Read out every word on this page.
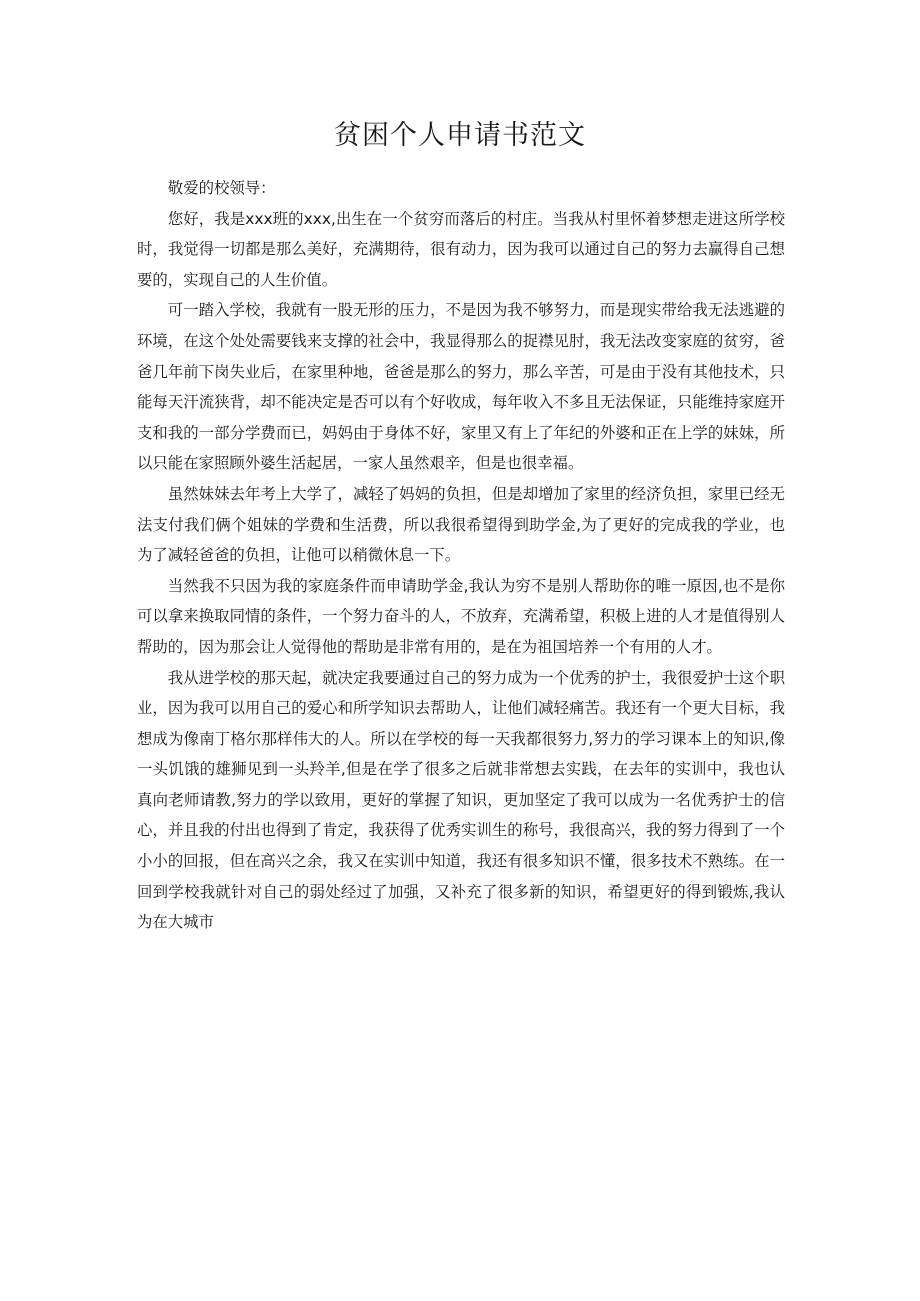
贫困个人申请书范文

敬爱的校领导：

您好，我是xxx班的xxx,出生在一个贫穷而落后的村庄。当我从村里怀着梦想走进这所学校时，我觉得一切都是那么美好，充满期待，很有动力，因为我可以通过自己的努力去赢得自己想要的，实现自己的人生价值。

可一踏入学校，我就有一股无形的压力，不是因为我不够努力，而是现实带给我无法逃避的环境，在这个处处需要钱来支撑的社会中，我显得那么的捉襟见肘，我无法改变家庭的贫穷，爸爸几年前下岗失业后，在家里种地，爸爸是那么的努力，那么辛苦，可是由于没有其他技术，只能每天汗流狭背，却不能决定是否可以有个好收成，每年收入不多且无法保证，只能维持家庭开支和我的一部分学费而已，妈妈由于身体不好，家里又有上了年纪的外婆和正在上学的妹妹，所以只能在家照顾外婆生活起居，一家人虽然艰辛，但是也很幸福。

虽然妹妹去年考上大学了，减轻了妈妈的负担，但是却增加了家里的经济负担，家里已经无法支付我们俩个姐妹的学费和生活费，所以我很希望得到助学金,为了更好的完成我的学业，也为了减轻爸爸的负担，让他可以稍微休息一下。

当然我不只因为我的家庭条件而申请助学金,我认为穷不是别人帮助你的唯一原因,也不是你可以拿来换取同情的条件，一个努力奋斗的人，不放弃，充满希望，积极上进的人才是值得别人帮助的，因为那会让人觉得他的帮助是非常有用的，是在为祖国培养一个有用的人才。

我从进学校的那天起，就决定我要通过自己的努力成为一个优秀的护士，我很爱护士这个职业，因为我可以用自己的爱心和所学知识去帮助人，让他们减轻痛苦。我还有一个更大目标，我想成为像南丁格尔那样伟大的人。所以在学校的每一天我都很努力,努力的学习课本上的知识,像一头饥饿的雄狮见到一头羚羊,但是在学了很多之后就非常想去实践，在去年的实训中，我也认真向老师请教,努力的学以致用，更好的掌握了知识，更加坚定了我可以成为一名优秀护士的信心，并且我的付出也得到了肯定，我获得了优秀实训生的称号，我很高兴，我的努力得到了一个小小的回报，但在高兴之余，我又在实训中知道，我还有很多知识不懂，很多技术不熟练。在一回到学校我就针对自己的弱处经过了加强，又补充了很多新的知识，希望更好的得到锻炼,我认为在大城市
